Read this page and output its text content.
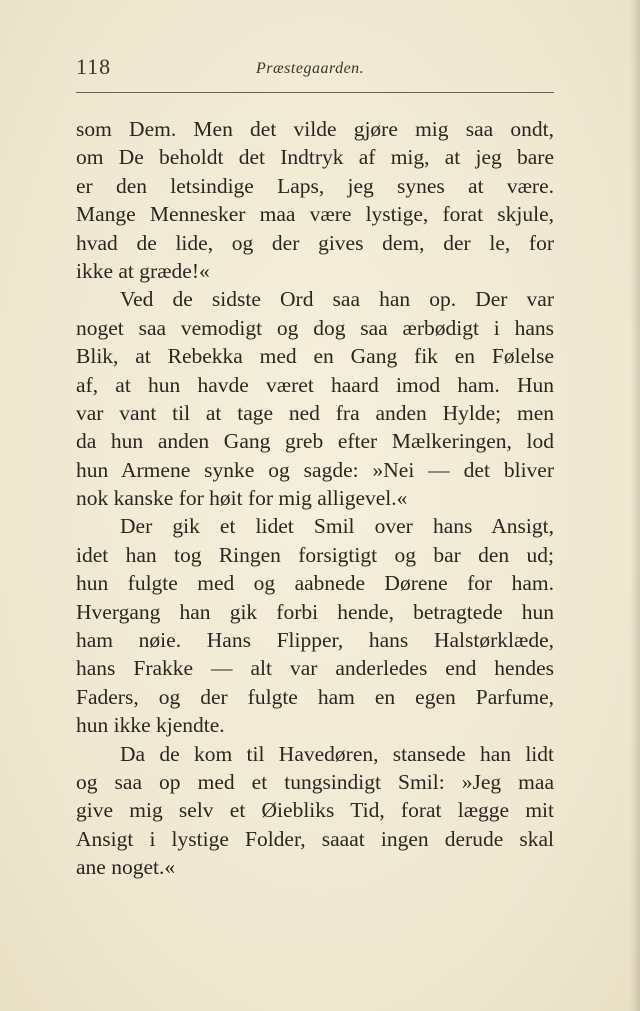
118	Præstegaarden.
som Dem. Men det vilde gjøre mig saa ondt,
om De beholdt det Indtryk af mig, at jeg bare
er den letsindige Laps, jeg synes at være.
Mange Mennesker maa være lystige, forat skjule,
hvad de lide, og der gives dem, der le, for
ikke at græde!«
Ved de sidste Ord saa han op. Der var
noget saa vemodigt og dog saa ærbødigt i hans
Blik, at Rebekka med en Gang fik en Følelse
af, at hun havde været haard imod ham. Hun
var vant til at tage ned fra anden Hylde; men
da hun anden Gang greb efter Mælkeringen, lod
hun Armene synke og sagde: »Nei — det bliver
nok kanske for høit for mig alligevel.«
Der gik et lidet Smil over hans Ansigt,
idet han tog Ringen forsigtigt og bar den ud;
hun fulgte med og aabnede Dørene for ham.
Hvergang han gik forbi hende, betragtede hun
ham nøie. Hans Flipper, hans Halstørklæde,
hans Frakke — alt var anderledes end hendes
Faders, og der fulgte ham en egen Parfume,
hun ikke kjendte.
Da de kom til Havedøren, stansede han lidt
og saa op med et tungsindigt Smil: »Jeg maa
give mig selv et Øiebliks Tid, forat lægge mit
Ansigt i lystige Folder, saaat ingen derude skal
ane noget.«
